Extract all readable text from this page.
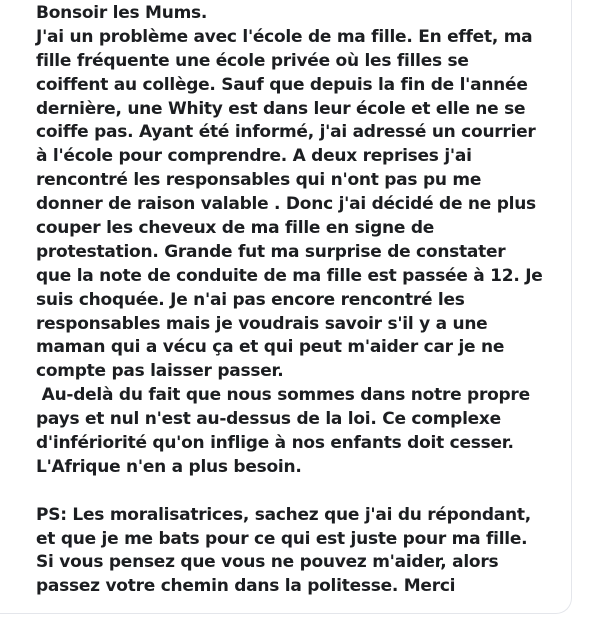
Bonsoir les Mums.
J'ai un problème avec l'école de ma fille. En effet, ma
fille fréquente une école privée où les filles se
coiffent au collège. Sauf que depuis la fin de l'année
dernière, une Whity est dans leur école et elle ne se
coiffe pas. Ayant été informé, j'ai adressé un courrier
à l'école pour comprendre. A deux reprises j'ai
rencontré les responsables qui n'ont pas pu me
donner de raison valable . Donc j'ai décidé de ne plus
couper les cheveux de ma fille en signe de
protestation. Grande fut ma surprise de constater
que la note de conduite de ma fille est passée à 12. Je
suis choquée. Je n'ai pas encore rencontré les
responsables mais je voudrais savoir s'il y a une
maman qui a vécu ça et qui peut m'aider car je ne
compte pas laisser passer.
Au-delà du fait que nous sommes dans notre propre
pays et nul n'est au-dessus de la loi. Ce complexe
d'infériorité qu'on inflige à nos enfants doit cesser.
L'Afrique n'en a plus besoin.
PS: Les moralisatrices, sachez que j'ai du répondant,
et que je me bats pour ce qui est juste pour ma fille.
Si vous pensez que vous ne pouvez m'aider, alors
passez votre chemin dans la politesse. Merci
